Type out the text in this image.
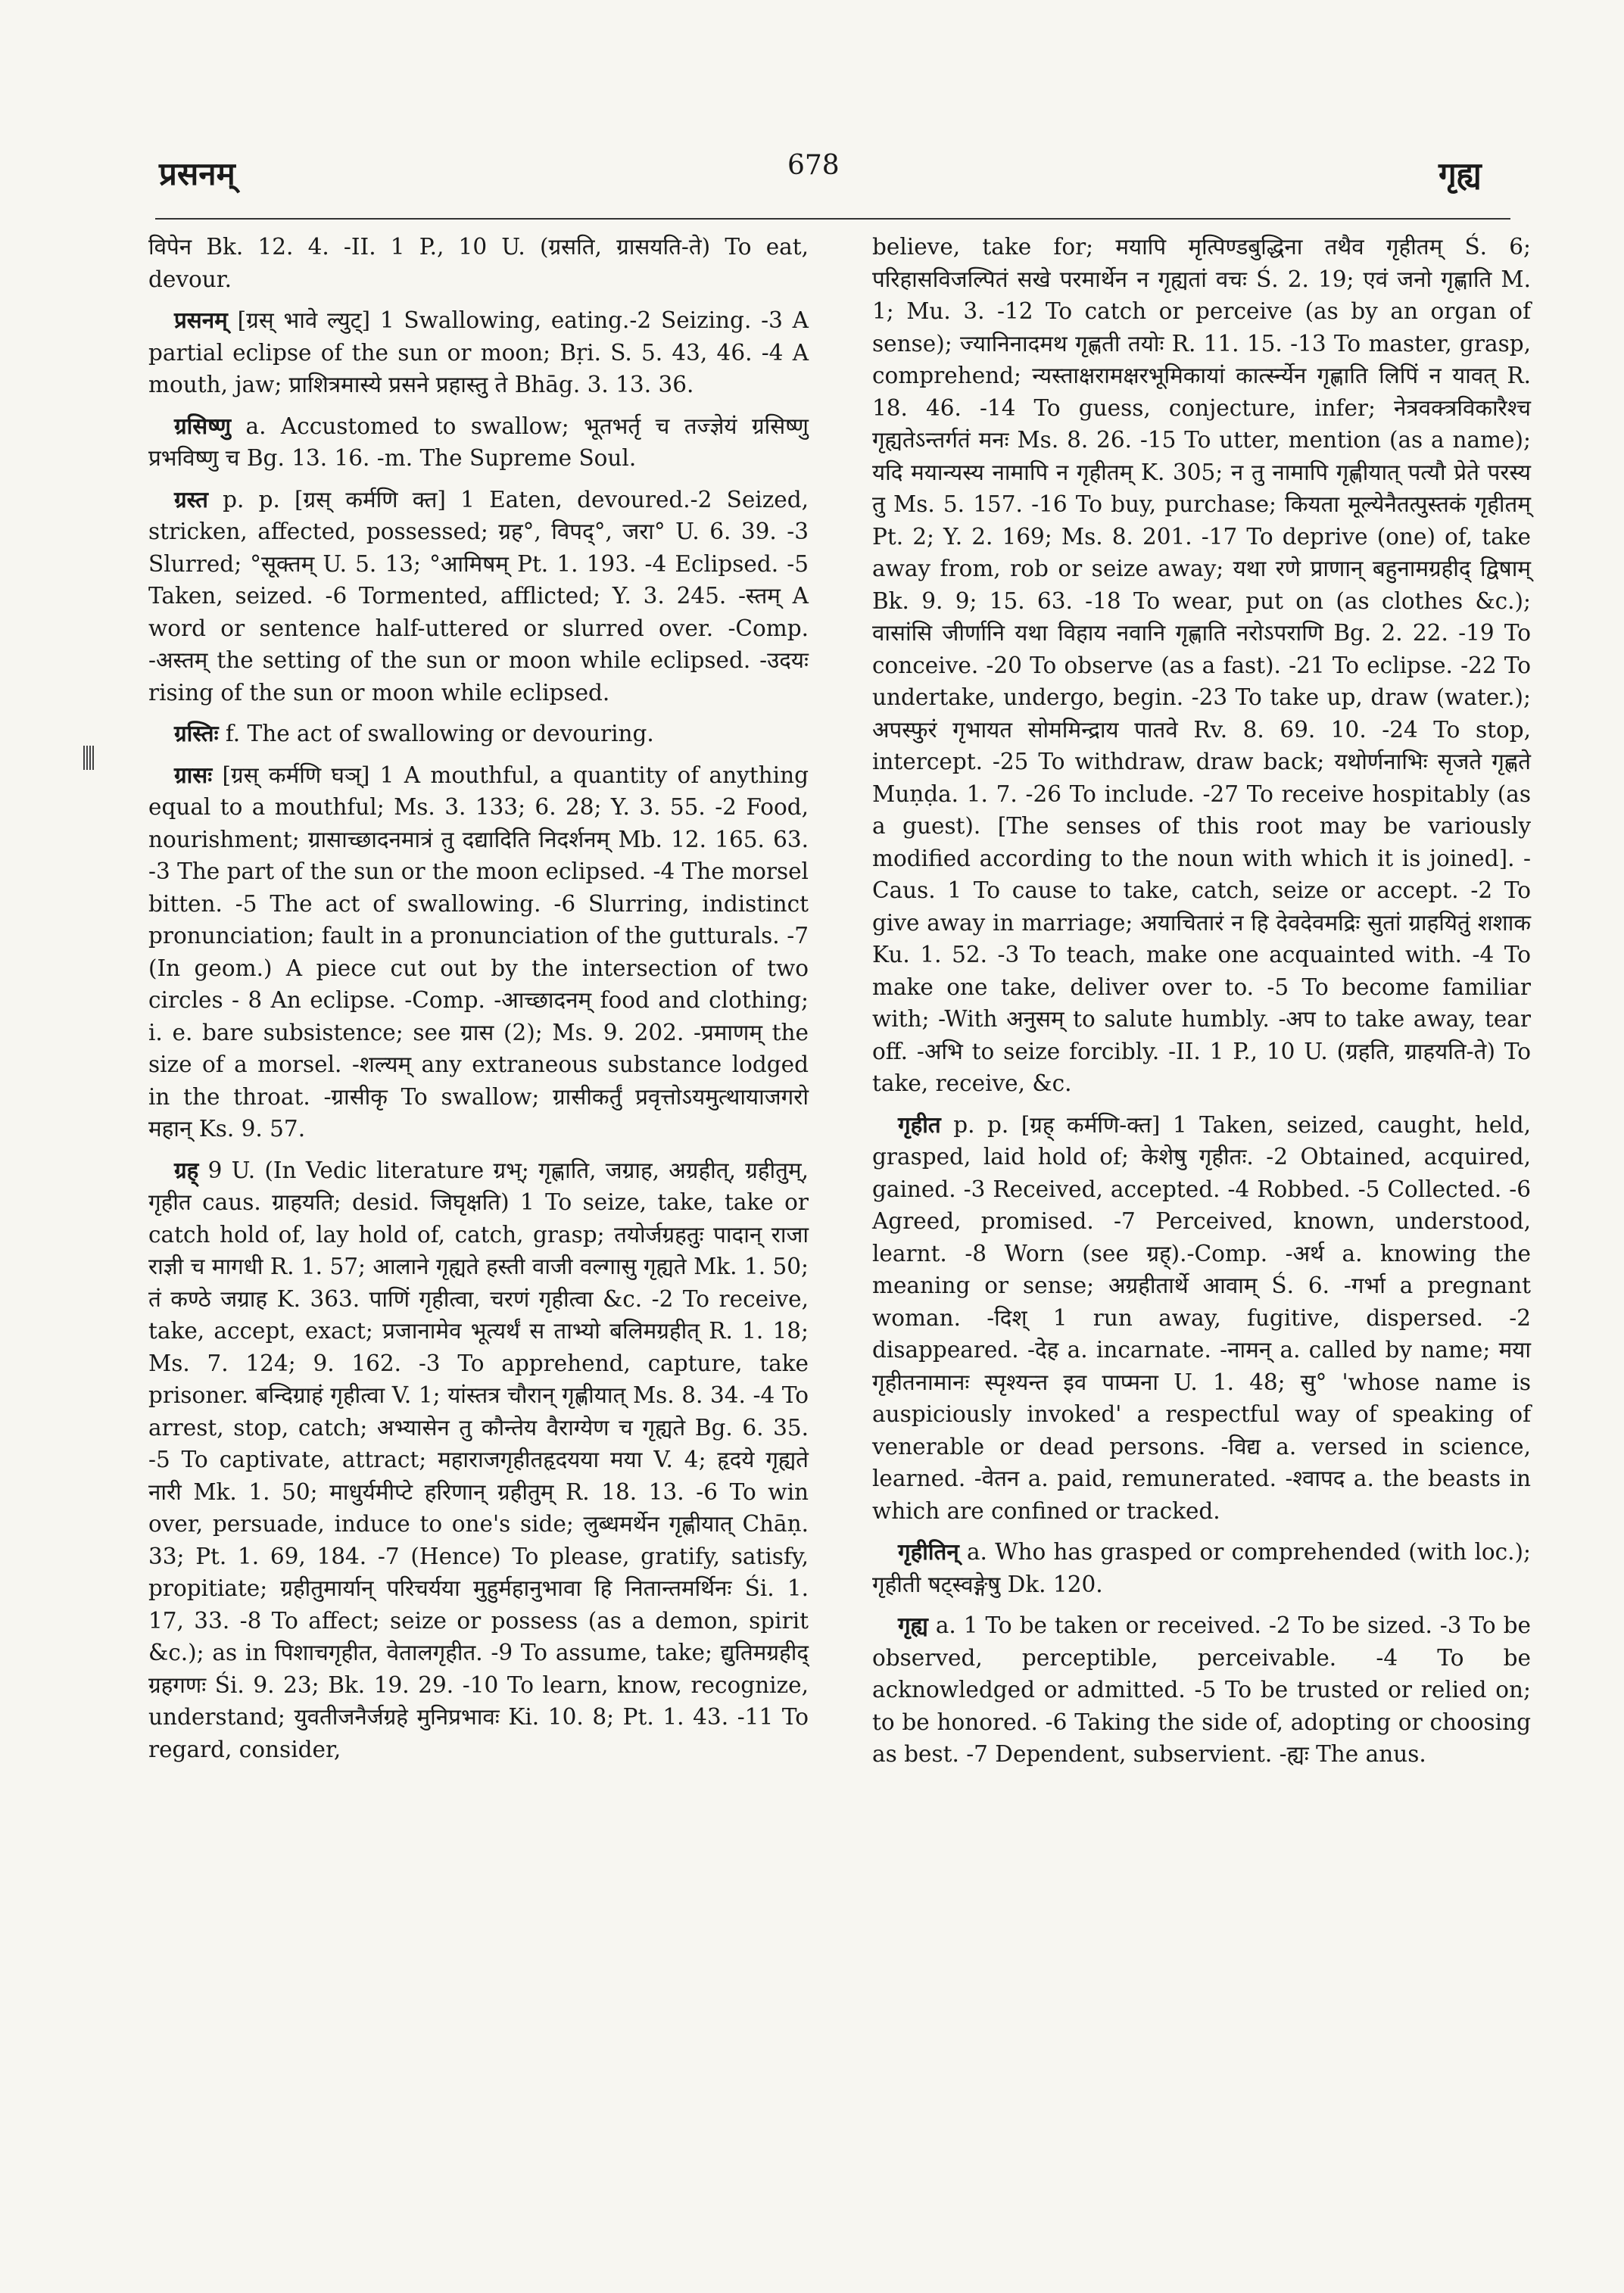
प्रसनम्	678	गृह्य

विपेन Bk. 12. 4. -II. 1 P., 10 U. (ग्रसति, ग्रासयति-ते) To eat, devour.

प्रसनम् [ग्रस् भावे ल्युट्] 1 Swallowing, eating.-2 Seizing. -3 A partial eclipse of the sun or moon; Bṛi. S. 5. 43, 46. -4 A mouth, jaw; प्राशित्रमास्ये प्रसने प्रहास्तु ते Bhāg. 3. 13. 36.

ग्रसिष्णु a. Accustomed to swallow; भूतभर्तृ च तज्ज्ञेयं ग्रसिष्णु प्रभविष्णु च Bg. 13. 16. -m. The Supreme Soul.

ग्रस्त p. p. [ग्रस् कर्मणि क्त] 1 Eaten, devoured.-2 Seized, stricken, affected, possessed; ग्रह°, विपद्°, जरा° U. 6. 39. -3 Slurred; °सूक्तम् U. 5. 13; °आमिषम् Pt. 1. 193. -4 Eclipsed. -5 Taken, seized. -6 Tormented, afflicted; Y. 3. 245. -स्तम् A word or sentence half-uttered or slurred over. -Comp. -अस्तम् the setting of the sun or moon while eclipsed. -उदयः rising of the sun or moon while eclipsed.

ग्रस्तिः f. The act of swallowing or devouring.

ग्रासः [ग्रस् कर्मणि घञ्] 1 A mouthful, a quantity of anything equal to a mouthful; Ms. 3. 133; 6. 28; Y. 3. 55. -2 Food, nourishment; ग्रासाच्छादनमात्रं तु दद्यादिति निदर्शनम् Mb. 12. 165. 63. -3 The part of the sun or the moon eclipsed. -4 The morsel bitten. -5 The act of swallowing. -6 Slurring, indistinct pronunciation; fault in a pronunciation of the gutturals. -7 (In geom.) A piece cut out by the intersection of two circles - 8 An eclipse. -Comp. -आच्छादनम् food and clothing; i. e. bare subsistence; see ग्रास (2); Ms. 9. 202. -प्रमाणम् the size of a morsel. -शल्यम् any extraneous substance lodged in the throat. -ग्रासीकृ To swallow; ग्रासीकर्तुं प्रवृत्तोऽयमुत्थायाजगरो महान् Ks. 9. 57.

ग्रह् 9 U. (In Vedic literature ग्रभ्; गृह्णाति, जग्राह, अग्रहीत्, ग्रहीतुम्, गृहीत caus. ग्राहयति; desid. जिघृक्षति) 1 To seize, take, take or catch hold of, lay hold of, catch, grasp; तयोर्जग्रहतुः पादान् राजा राज्ञी च मागधी R. 1. 57; आलाने गृह्यते हस्ती वाजी वल्गासु गृह्यते Mk. 1. 50; तं कण्ठे जग्राह K. 363. पाणिं गृहीत्वा, चरणं गृहीत्वा &c. -2 To receive, take, accept, exact; प्रजानामेव भूत्यर्थं स ताभ्यो बलिमग्रहीत् R. 1. 18; Ms. 7. 124; 9. 162. -3 To apprehend, capture, take prisoner. बन्दिग्राहं गृहीत्वा V. 1; यांस्तत्र चौरान् गृह्णीयात् Ms. 8. 34. -4 To arrest, stop, catch; अभ्यासेन तु कौन्तेय वैराग्येण च गृह्यते Bg. 6. 35. -5 To captivate, attract; महाराजगृहीतहृदयया मया V. 4; हृदये गृह्यते नारी Mk. 1. 50; माधुर्यमीप्टे हरिणान् ग्रहीतुम् R. 18. 13. -6 To win over, persuade, induce to one's side; लुब्धमर्थेन गृह्णीयात् Chāṇ. 33; Pt. 1. 69, 184. -7 (Hence) To please, gratify, satisfy, propitiate; ग्रहीतुमार्यान् परिचर्यया मुहुर्महानुभावा हि नितान्तमर्थिनः Śi. 1. 17, 33. -8 To affect; seize or possess (as a demon, spirit &c.); as in पिशाचगृहीत, वेतालगृहीत. -9 To assume, take; द्युतिमग्रहीद् ग्रहगणः Śi. 9. 23; Bk. 19. 29. -10 To learn, know, recognize, understand; युवतीजनैर्जग्रहे मुनिप्रभावः Ki. 10. 8; Pt. 1. 43. -11 To regard, consider,

believe, take for; मयापि मृत्पिण्डबुद्धिना तथैव गृहीतम् Ś. 6; परिहासविजल्पितं सखे परमार्थेन न गृह्यतां वचः Ś. 2. 19; एवं जनो गृह्णाति M. 1; Mu. 3. -12 To catch or perceive (as by an organ of sense); ज्यानिनादमथ गृह्णती तयोः R. 11. 15. -13 To master, grasp, comprehend; न्यस्ताक्षरामक्षरभूमिकायां कार्त्स्न्येन गृह्णाति लिपिं न यावत् R. 18. 46. -14 To guess, conjecture, infer; नेत्रवक्त्रविकारैश्च गृह्यतेऽन्तर्गतं मनः Ms. 8. 26. -15 To utter, mention (as a name); यदि मयान्यस्य नामापि न गृहीतम् K. 305; न तु नामापि गृह्णीयात् पत्यौ प्रेते परस्य तु Ms. 5. 157. -16 To buy, purchase; कियता मूल्येनैतत्पुस्तकं गृहीतम् Pt. 2; Y. 2. 169; Ms. 8. 201. -17 To deprive (one) of, take away from, rob or seize away; यथा रणे प्राणान् बहुनामग्रहीद् द्विषाम् Bk. 9. 9; 15. 63. -18 To wear, put on (as clothes &c.); वासांसि जीर्णानि यथा विहाय नवानि गृह्णाति नरोऽपराणि Bg. 2. 22. -19 To conceive. -20 To observe (as a fast). -21 To eclipse. -22 To undertake, undergo, begin. -23 To take up, draw (water.); अपस्फुरं गृभायत सोममिन्द्राय पातवे Rv. 8. 69. 10. -24 To stop, intercept. -25 To withdraw, draw back; यथोर्णनाभिः सृजते गृह्णते Muṇḍa. 1. 7. -26 To include. -27 To receive hospitably (as a guest). [The senses of this root may be variously modified according to the noun with which it is joined]. -Caus. 1 To cause to take, catch, seize or accept. -2 To give away in marriage; अयाचितारं न हि देवदेवमद्रिः सुतां ग्राहयितुं शशाक Ku. 1. 52. -3 To teach, make one acquainted with. -4 To make one take, deliver over to. -5 To become familiar with; -With अनुसम् to salute humbly. -अप to take away, tear off. -अभि to seize forcibly. -II. 1 P., 10 U. (ग्रहति, ग्राहयति-ते) To take, receive, &c.

गृहीत p. p. [ग्रह् कर्मणि-क्त] 1 Taken, seized, caught, held, grasped, laid hold of; केशेषु गृहीतः. -2 Obtained, acquired, gained. -3 Received, accepted. -4 Robbed. -5 Collected. -6 Agreed, promised. -7 Perceived, known, understood, learnt. -8 Worn (see ग्रह्).-Comp. -अर्थ a. knowing the meaning or sense; अग्रहीतार्थे आवाम् Ś. 6. -गर्भा a pregnant woman. -दिश् 1 run away, fugitive, dispersed. -2 disappeared. -देह a. incarnate. -नामन् a. called by name; मया गृहीतनामानः स्पृश्यन्त इव पाप्मना U. 1. 48; सु° 'whose name is auspiciously invoked' a respectful way of speaking of venerable or dead persons. -विद्य a. versed in science, learned. -वेतन a. paid, remunerated. -श्वापद a. the beasts in which are confined or tracked.

गृहीतिन् a. Who has grasped or comprehended (with loc.); गृहीती षट्स्वङ्गेषु Dk. 120.

गृह्य a. 1 To be taken or received. -2 To be sized. -3 To be observed, perceptible, perceivable. -4 To be acknowledged or admitted. -5 To be trusted or relied on; to be honored. -6 Taking the side of, adopting or choosing as best. -7 Dependent, subservient. -ह्यः The anus.
